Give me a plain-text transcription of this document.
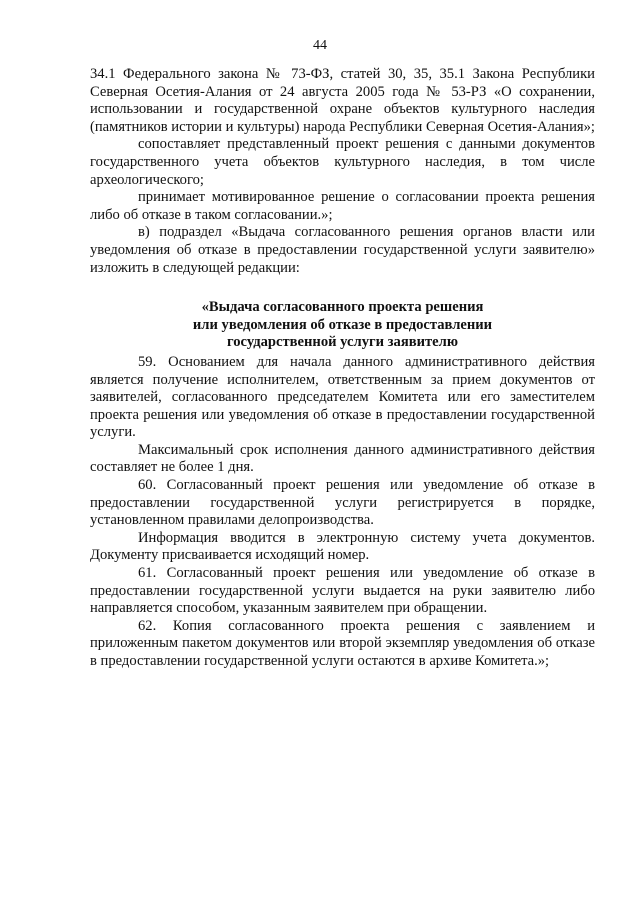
44

34.1 Федерального закона № 73-ФЗ, статей 30, 35, 35.1 Закона Республики Северная Осетия-Алания от 24 августа 2005 года № 53-РЗ «О сохранении, использовании и государственной охране объектов культурного наследия (памятников истории и культуры) народа Республики Северная Осетия-Алания»;

сопоставляет представленный проект решения с данными документов государственного учета объектов культурного наследия, в том числе археологического;

принимает мотивированное решение о согласовании проекта решения либо об отказе в таком согласовании.»;

в) подраздел «Выдача согласованного решения органов власти или уведомления об отказе в предоставлении государственной услуги заявителю» изложить в следующей редакции:

«Выдача согласованного проекта решения
или уведомления об отказе в предоставлении
государственной услуги заявителю

59. Основанием для начала данного административного действия является получение исполнителем, ответственным за прием документов от заявителей, согласованного председателем Комитета или его заместителем проекта решения или уведомления об отказе в предоставлении государственной услуги.

Максимальный срок исполнения данного административного действия составляет не более 1 дня.

60. Согласованный проект решения или уведомление об отказе в предоставлении государственной услуги регистрируется в порядке, установленном правилами делопроизводства.

Информация вводится в электронную систему учета документов. Документу присваивается исходящий номер.

61. Согласованный проект решения или уведомление об отказе в предоставлении государственной услуги выдается на руки заявителю либо направляется способом, указанным заявителем при обращении.

62. Копия согласованного проекта решения с заявлением и приложенным пакетом документов или второй экземпляр уведомления об отказе в предоставлении государственной услуги остаются в архиве Комитета.»;
